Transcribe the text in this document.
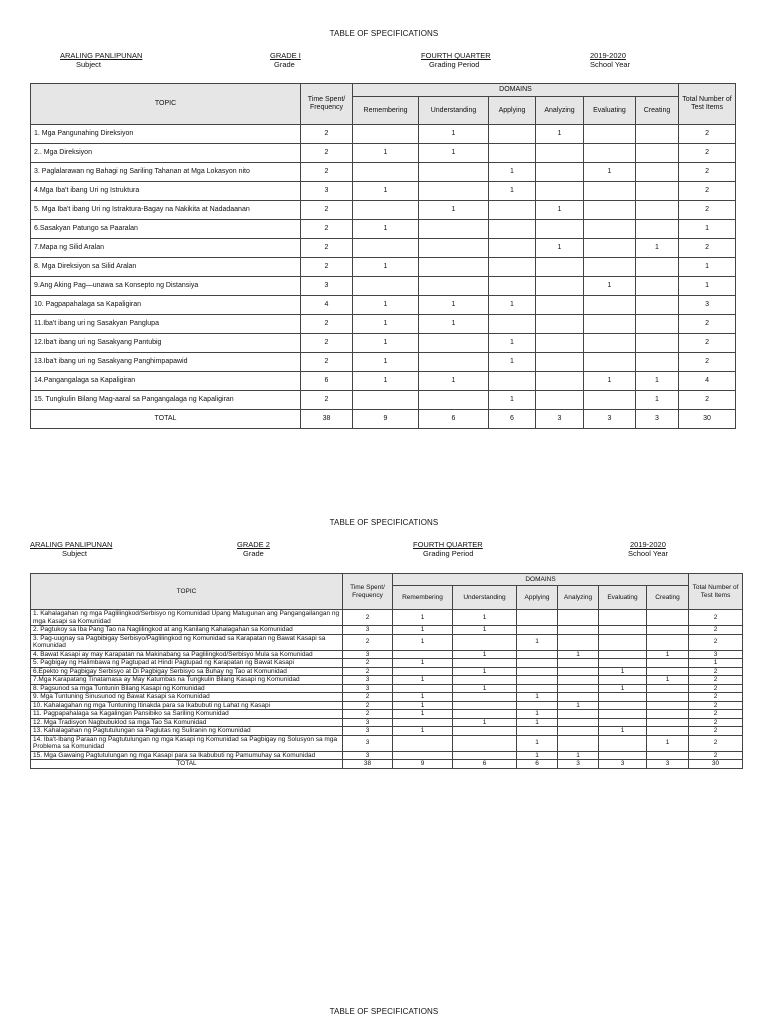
TABLE OF SPECIFICATIONS
ARALING PANLIPUNAN
Subject
GRADE I
Grade
FOURTH QUARTER
Grading Period
2019-2020
School Year
TOPIC	Time Spent/ Frequency	DOMAINS						Total Number of Test Items
		Remembering	Understanding	Applying	Analyzing	Evaluating	Creating	
1. Mga Pangunahing Direksiyon	2		1		1			2
2.. Mga Direksiyon	2	1	1					2
3. Paglalarawan ng Bahagi ng Sariling Tahanan at Mga Lokasyon nito	2			1		1		2
4.Mga Iba't ibang Uri ng Istruktura	3	1		1				2
5. Mga Iba't ibang Uri ng Istraktura-Bagay na Nakikita at Nadadaanan	2		1		1			2
6.Sasakyan Patungo sa Paaralan	2	1						1
7.Mapa ng Silid Aralan	2				1		1	2
8. Mga Direksiyon sa Silid Aralan	2	1						1
9.Ang Aking Pag—unawa sa Konsepto ng Distansiya	3					1		1
10. Pagpapahalaga sa Kapaligiran	4	1	1	1				3
11.Iba't ibang uri ng Sasakyan Panglupa	2	1	1					2
12.Iba't ibang uri ng Sasakyang Pantubig	2	1		1				2
13.Iba't ibang uri ng Sasakyang Panghimpapawid	2	1		1				2
14.Pangangalaga sa Kapaligiran	6	1	1			1	1	4
15. Tungkulin Bilang Mag-aaral sa Pangangalaga ng Kapaligiran	2			1			1	2
TOTAL	38	9	6	6	3	3	3	30
TABLE OF SPECIFICATIONS
ARALING PANLIPUNAN
Subject
GRADE 2
Grade
FOURTH QUARTER
Grading Period
2019-2020
School Year
TOPIC	Time Spent/ Frequency	DOMAINS						Total Number of Test Items
		Remembering	Understanding	Applying	Analyzing	Evaluating	Creating	
1. Kahalagahan ng mga Paglilingkod/Serbisyo ng Komunidad Upang Matugunan ang Pangangailangan ng mga Kasapi sa Komunidad	2	1	1					2
2. Pagtukoy sa Iba Pang Tao na Naglilingkod at ang Kanilang Kahalagahan sa Komunidad	3	1	1					2
3. Pag-uugnay sa Pagbibigay Serbisyo/Paglilingkod ng Komunidad sa Karapatan ng Bawat Kasapi sa Komunidad	2	1		1				2
4. Bawat Kasapi ay may Karapatan na Makinabang sa Paglilingkod/Serbisyo Mula sa Komunidad	3		1		1		1	3
5. Pagbigay ng Halimbawa ng Pagtupad at Hindi Pagtupad ng Karapatan ng Bawat Kasapi	2	1						1
6.Epekto ng Pagbigay Serbisyo at Di Pagbigay Serbisyo sa Buhay ng Tao at Komunidad	2		1			1		2
7.Mga Karapatang Tinatamasa ay May Katumbas na Tungkulin Bilang Kasapi ng Komunidad	3	1					1	2
8. Pagsunod sa mga Tuntunin Bilang Kasapi ng Komunidad	3		1			1		2
9. Mga Tuntuning Sinusunod ng Bawat Kasapi sa Komunidad	2	1		1				2
10. Kahalagahan ng mga Tuntuning Itinakda para sa Ikabubuti ng Lahat ng Kasapi	2	1			1			2
11. Pagpapahalaga sa Kagalingan Pansibiko sa Sariling Komunidad	2	1		1				2
12. Mga Tradisyon Nagbubuklod sa mga Tao Sa Komunidad	3		1	1				2
13. Kahalagahan ng Pagtutulungan sa Paglutas ng Suliranin ng Komunidad	3	1				1		2
14. Iba't-Ibang Paraan ng Pagtutulungan ng mga Kasapi ng Komunidad sa Pagbigay ng Solusyon sa mga Problema sa Komunidad	3			1			1	2
15. Mga Gawaing Pagtutulungan ng mga Kasapi para sa Ikabubuti ng Pamumuhay sa Komunidad	3			1	1			2
TOTAL	38	9	6	6	3	3	3	30
TABLE OF SPECIFICATIONS
